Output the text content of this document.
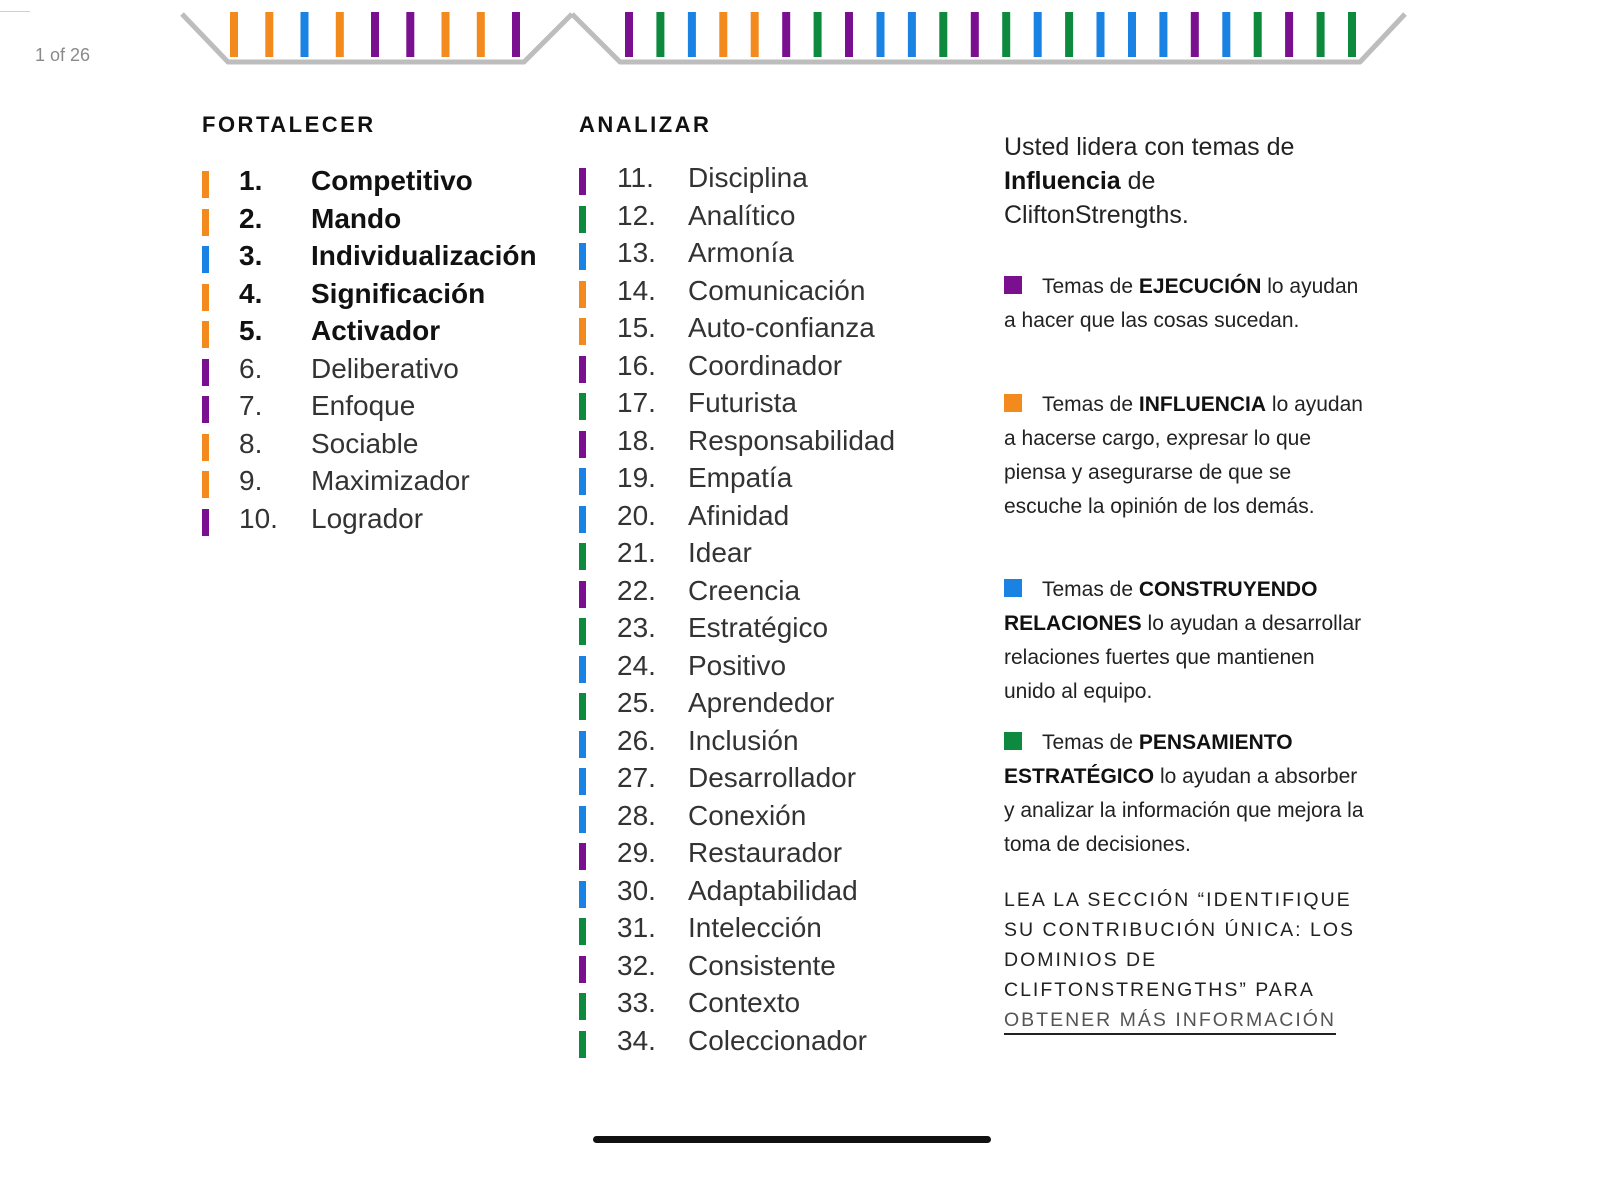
1 of 26
FORTALECER	ANALIZAR
1. Competitivo
2. Mando
3. Individualización
4. Significación
5. Activador
6. Deliberativo
7. Enfoque
8. Sociable
9. Maximizador
10. Logrador
11. Disciplina
12. Analítico
13. Armonía
14. Comunicación
15. Auto-confianza
16. Coordinador
17. Futurista
18. Responsabilidad
19. Empatía
20. Afinidad
21. Idear
22. Creencia
23. Estratégico
24. Positivo
25. Aprendedor
26. Inclusión
27. Desarrollador
28. Conexión
29. Restaurador
30. Adaptabilidad
31. Intelección
32. Consistente
33. Contexto
34. Coleccionador
Usted lidera con temas de
Influencia de
CliftonStrengths.
Temas de EJECUCIÓN lo ayudan a hacer que las cosas sucedan.
Temas de INFLUENCIA lo ayudan a hacerse cargo, expresar lo que piensa y asegurarse de que se escuche la opinión de los demás.
Temas de CONSTRUYENDO RELACIONES lo ayudan a desarrollar relaciones fuertes que mantienen unido al equipo.
Temas de PENSAMIENTO ESTRATÉGICO lo ayudan a absorber y analizar la información que mejora la toma de decisiones.
LEA LA SECCIÓN “IDENTIFIQUE SU CONTRIBUCIÓN ÚNICA: LOS DOMINIOS DE CLIFTONSTRENGTHS” PARA
OBTENER MÁS INFORMACIÓN
